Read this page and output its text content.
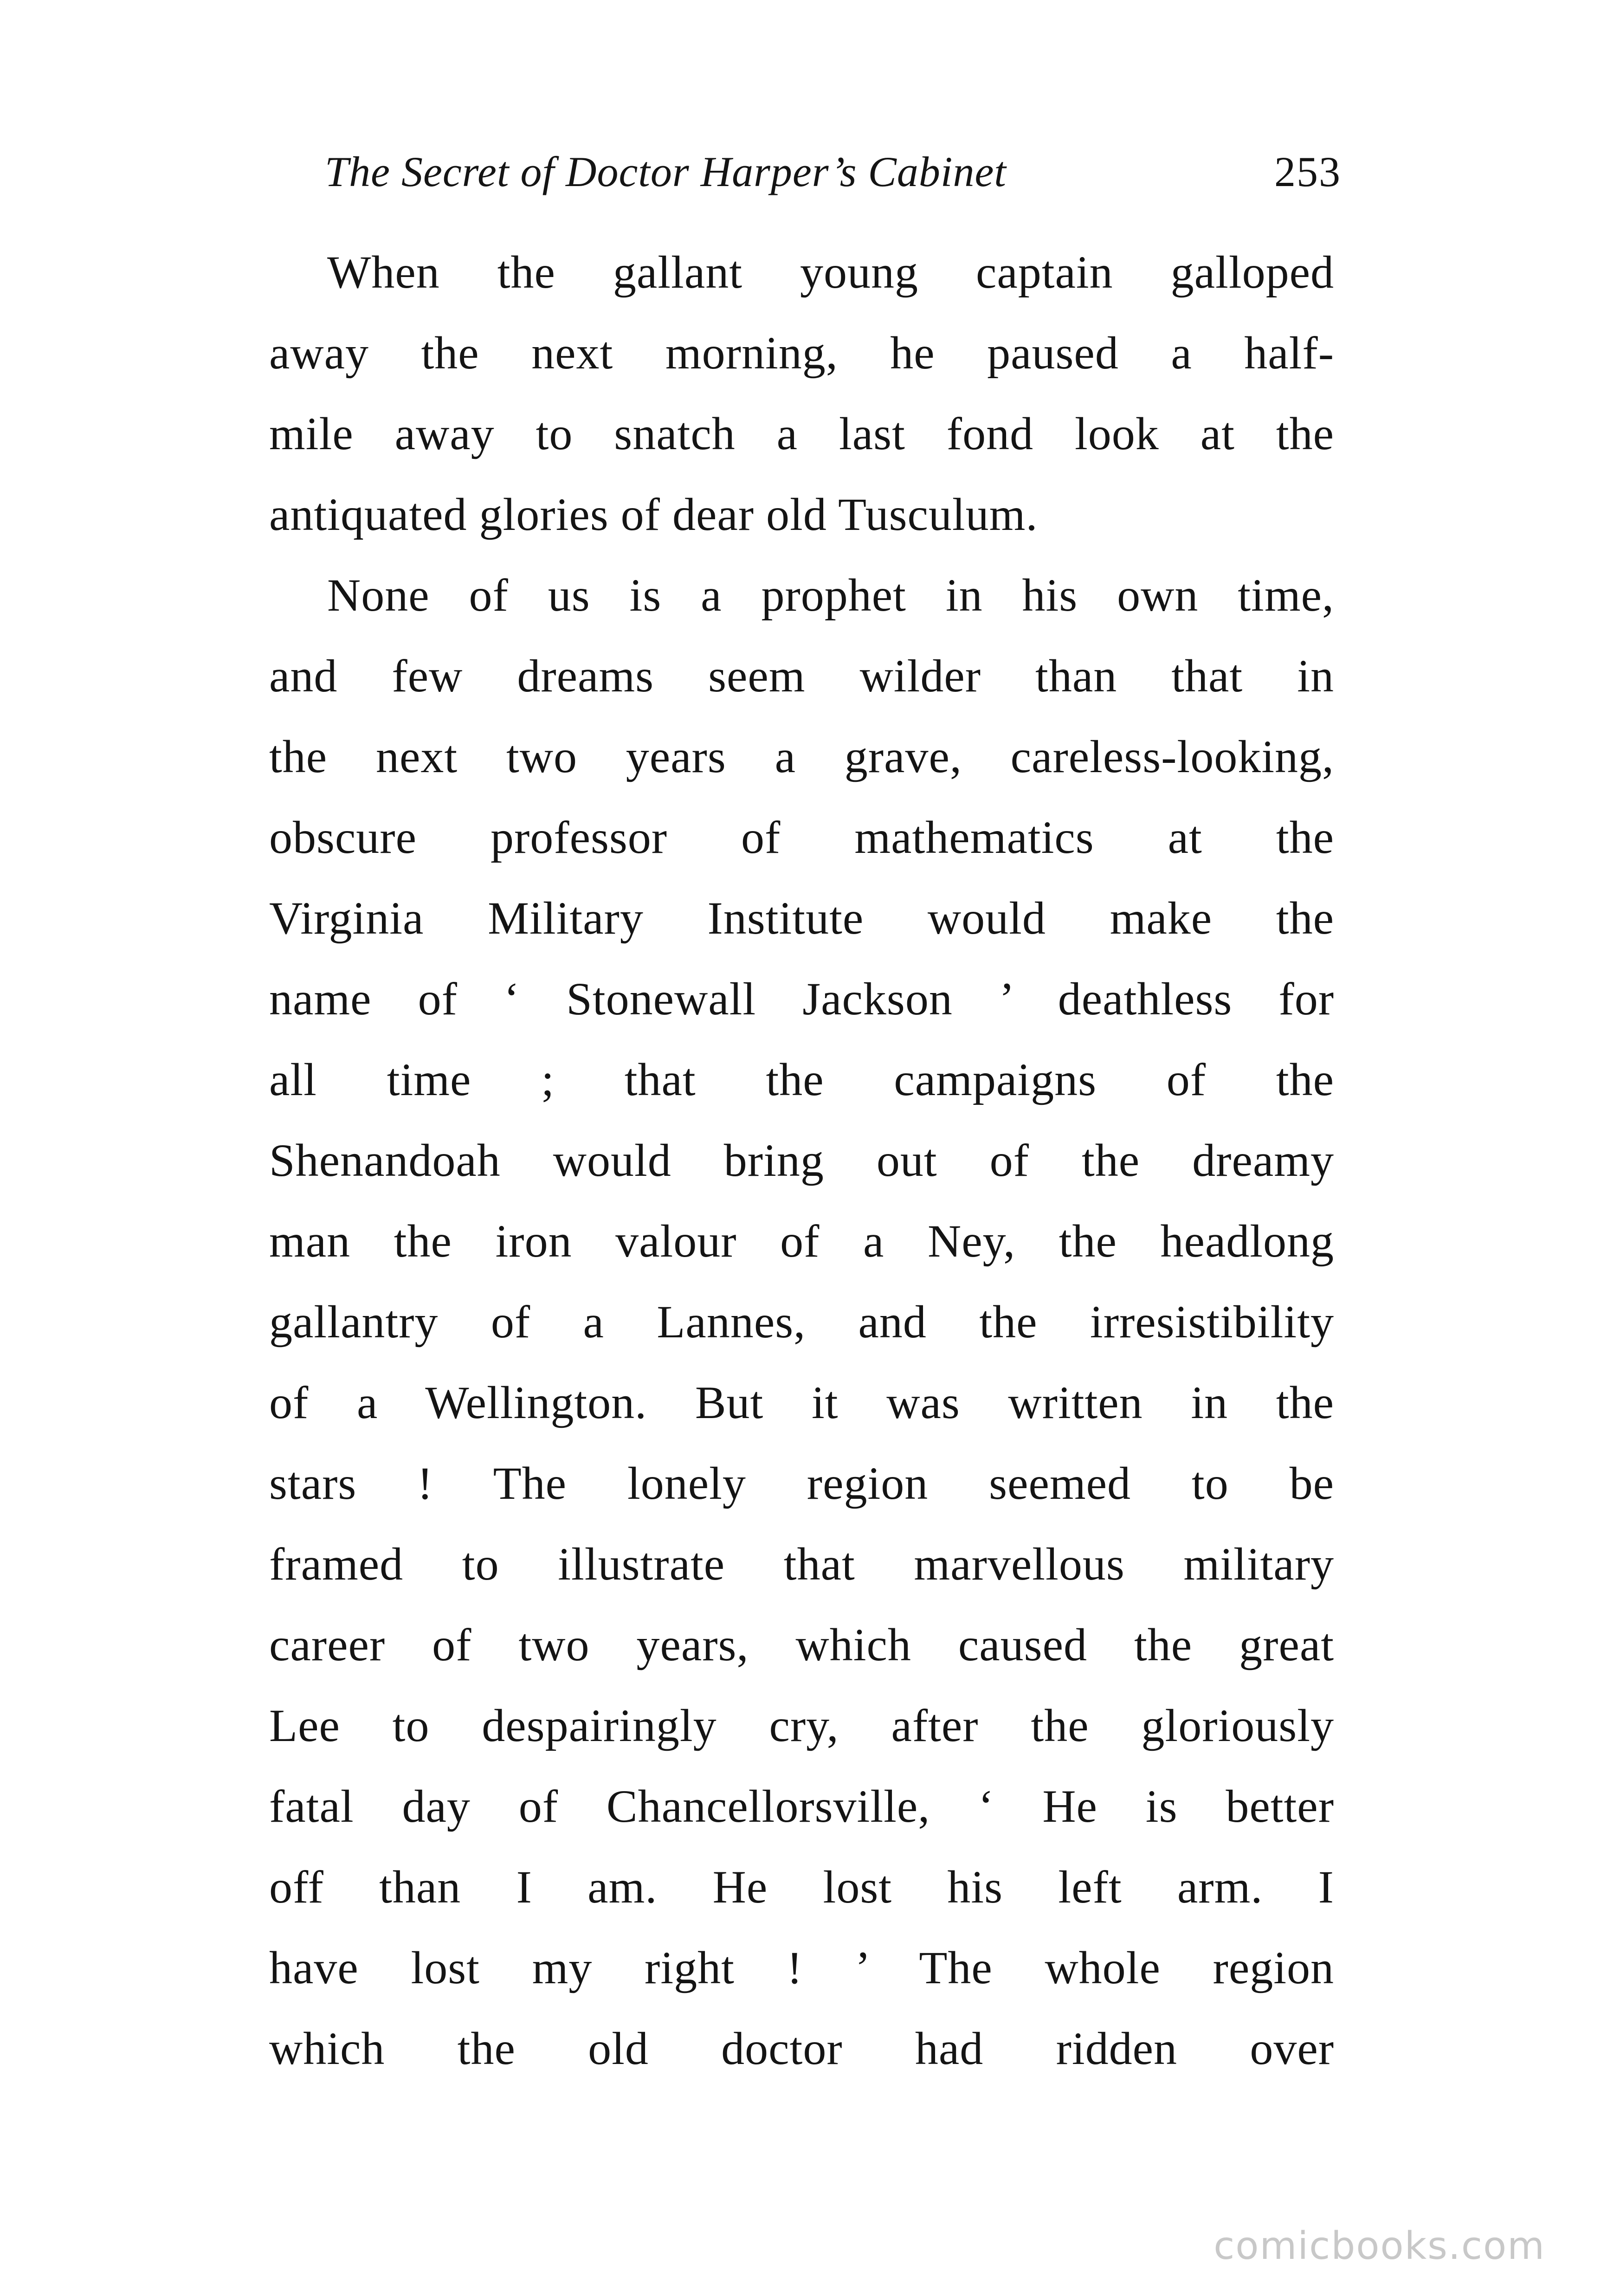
The Secret of Doctor Harper’s Cabinet	253
When the gallant young captain galloped
away the next morning, he paused a half-
mile away to snatch a last fond look at the
antiquated glories of dear old Tusculum.
None of us is a prophet in his own time,
and few dreams seem wilder than that in
the next two years a grave, careless-looking,
obscure professor of mathematics at the
Virginia Military Institute would make the
name of ‘ Stonewall Jackson ’ deathless for
all time ; that the campaigns of the
Shenandoah would bring out of the dreamy
man the iron valour of a Ney, the headlong
gallantry of a Lannes, and the irresistibility
of a Wellington. But it was written in the
stars ! The lonely region seemed to be
framed to illustrate that marvellous military
career of two years, which caused the great
Lee to despairingly cry, after the gloriously
fatal day of Chancellorsville, ‘ He is better
off than I am. He lost his left arm. I
have lost my right ! ’ The whole region
which the old doctor had ridden over
comicbooks.com
